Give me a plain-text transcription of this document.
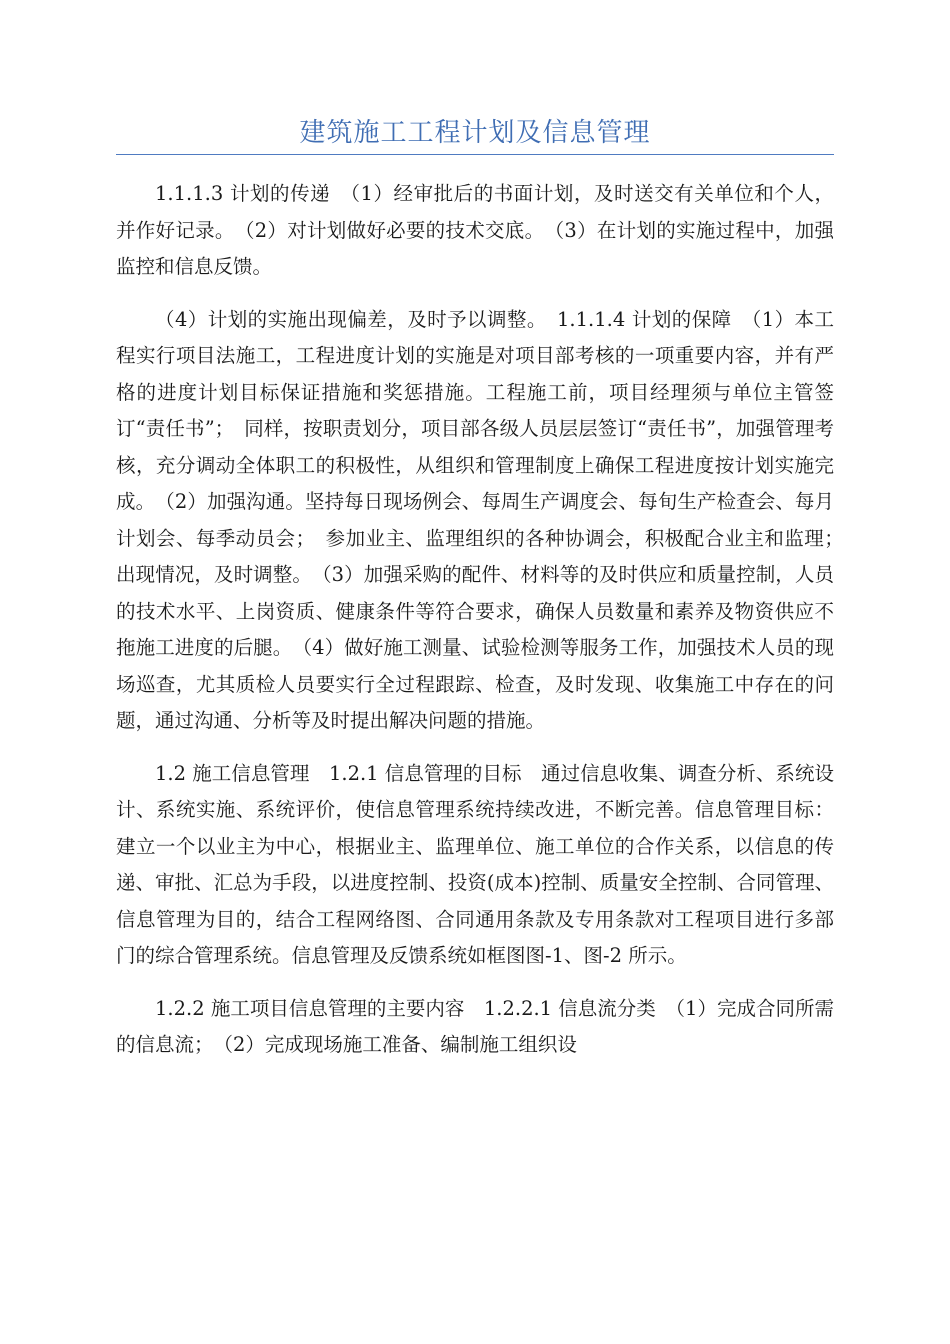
建筑施工工程计划及信息管理

1.1.1.3 计划的传递　（1）经审批后的书面计划，及时送交有关单位和个人，并作好记录。　（2）对计划做好必要的技术交底。　（3）在计划的实施过程中，加强监控和信息反馈。

（4）计划的实施出现偏差，及时予以调整。　1.1.1.4 计划的保障　（1）本工程实行项目法施工，工程进度计划的实施是对项目部考核的一项重要内容，并有严格的进度计划目标保证措施和奖惩措施。工程施工前，项目经理须与单位主管签订“责任书”；　同样，按职责划分，项目部各级人员层层签订“责任书”，加强管理考核，充分调动全体职工的积极性，从组织和管理制度上确保工程进度按计划实施完成。　（2）加强沟通。坚持每日现场例会、每周生产调度会、每旬生产检查会、每月计划会、每季动员会；　参加业主、监理组织的各种协调会，积极配合业主和监理；　出现情况，及时调整。　（3）加强采购的配件、材料等的及时供应和质量控制，人员的技术水平、上岗资质、健康条件等符合要求，确保人员数量和素养及物资供应不拖施工进度的后腿。　（4）做好施工测量、试验检测等服务工作，加强技术人员的现场巡查，尤其质检人员要实行全过程跟踪、检查，及时发现、收集施工中存在的问题，通过沟通、分析等及时提出解决问题的措施。

1.2 施工信息管理　1.2.1 信息管理的目标　通过信息收集、调查分析、系统设计、系统实施、系统评价，使信息管理系统持续改进，不断完善。信息管理目标：建立一个以业主为中心，根据业主、监理单位、施工单位的合作关系，以信息的传递、审批、汇总为手段，以进度控制、投资(成本)控制、质量安全控制、合同管理、信息管理为目的，结合工程网络图、合同通用条款及专用条款对工程项目进行多部门的综合管理系统。信息管理及反馈系统如框图图-1、图-2 所示。

1.2.2 施工项目信息管理的主要内容　1.2.2.1 信息流分类　（1）完成合同所需的信息流；　（2）完成现场施工准备、编制施工组织设
